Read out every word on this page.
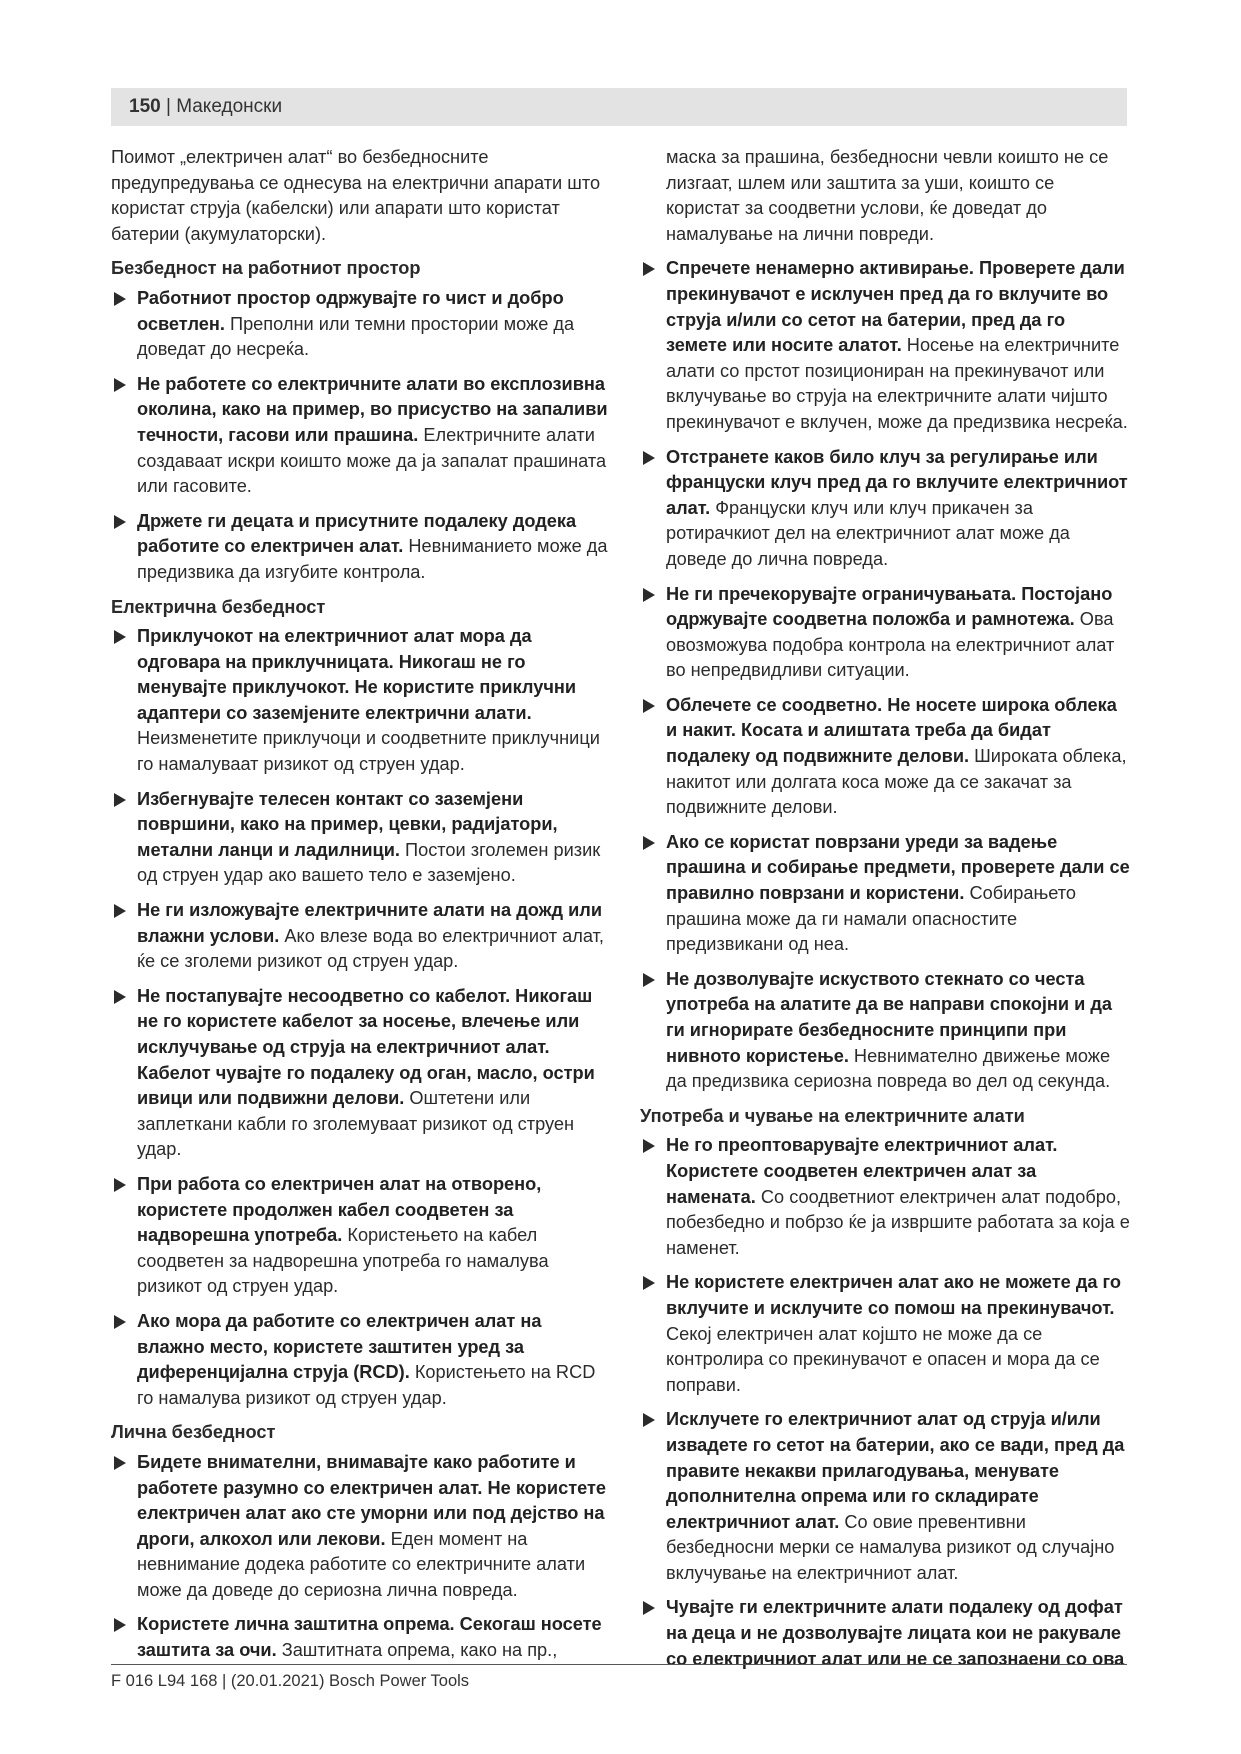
150 | Македонски

Поимот „електричен алат“ во безбедносните предупредувања се однесува на електрични апарати што користат струја (кабелски) или апарати што користат батерии (акумулаторски).

Безбедност на работниот простор
Работниот простор одржувајте го чист и добро осветлен. Преполни или темни простории може да доведат до несреќа.
Не работете со електричните алати во експлозивна околина, како на пример, во присуство на запаливи течности, гасови или прашина. Електричните алати создаваат искри коишто може да ја запалат прашината или гасовите.
Држете ги децата и присутните подалеку додека работите со електричен алат. Невниманието може да предизвика да изгубите контрола.
Електрична безбедност
Приклучокот на електричниот алат мора да одговара на приклучницата. Никогаш не го менувајте приклучокот. Не користите приклучни адаптери со заземјените електрични алати. Неизменетите приклучоци и соодветните приклучници го намалуваат ризикот од струен удар.
Избегнувајте телесен контакт со заземјени површини, како на пример, цевки, радијатори, метални ланци и ладилници. Постои зголемен ризик од струен удар ако вашето тело е заземјено.
Не ги изложувајте електричните алати на дожд или влажни услови. Ако влезе вода во електричниот алат, ќе се зголеми ризикот од струен удар.
Не постапувајте несоодветно со кабелот. Никогаш не го користете кабелот за носење, влечење или исклучување од струја на електричниот алат. Кабелот чувајте го подалеку од оган, масло, остри ивици или подвижни делови. Оштетени или заплеткани кабли го зголемуваат ризикот од струен удар.
При работа со електричен алат на отворено, користете продолжен кабел соодветен за надворешна употреба. Користењето на кабел соодветен за надворешна употреба го намалува ризикот од струен удар.
Ако мора да работите со електричен алат на влажно место, користете заштитен уред за диференцијална струја (RCD). Користењето на RCD го намалува ризикот од струен удар.
Лична безбедност
Бидете внимателни, внимавајте како работите и работете разумно со електричен алат. Не користете електричен алат ако сте уморни или под дејство на дроги, алкохол или лекови. Еден момент на невнимание додека работите со електричните алати може да доведе до сериозна лична повреда.
Користете лична заштитна опрема. Секогаш носете заштита за очи. Заштитната опрема, како на пр.,

маска за прашина, безбедносни чевли коишто не се лизгаат, шлем или заштита за уши, коишто се користат за соодветни услови, ќе доведат до намалување на лични повреди.

Спречете ненамерно активирање. Проверете дали прекинувачот е исклучен пред да го вклучите во струја и/или со сетот на батерии, пред да го земете или носите алатот. Носење на електричните алати со прстот позициониран на прекинувачот или вклучување во струја на електричните алати чијшто прекинувачот е вклучен, може да предизвика несреќа.
Отстранете каков било клуч за регулирање или француски клуч пред да го вклучите електричниот алат. Француски клуч или клуч прикачен за ротирачкиот дел на електричниот алат може да доведе до лична повреда.
Не ги пречекорувајте ограничувањата. Постојано одржувајте соодветна положба и рамнотежа. Ова овозможува подобра контрола на електричниот алат во непредвидливи ситуации.
Облечете се соодветно. Не носете широка облека и накит. Косата и алиштата треба да бидат подалеку од подвижните делови. Широката облека, накитот или долгата коса може да се закачат за подвижните делови.
Ако се користат поврзани уреди за вадење прашина и собирање предмети, проверете дали се правилно поврзани и користени. Собирањето прашина може да ги намали опасностите предизвикани од неа.
Не дозволувајте искуството стекнато со честа употреба на алатите да ве направи спокојни и да ги игнорирате безбедносните принципи при нивното користење. Невнимателно движење може да предизвика сериозна повреда во дел од секунда.
Употреба и чување на електричните алати
Не го преоптоварувајте електричниот алат. Користете соодветен електричен алат за намената. Со соодветниот електричен алат подобро, побезбедно и побрзо ќе ја извршите работата за која е наменет.
Не користете електричен алат ако не можете да го вклучите и исклучите со помош на прекинувачот. Секој електричен алат којшто не може да се контролира со прекинувачот е опасен и мора да се поправи.
Исклучете го електричниот алат од струја и/или извадете го сетот на батерии, ако се вади, пред да правите некакви прилагодувања, менувате дополнителна опрема или го складирате електричниот алат. Со овие превентивни безбедносни мерки се намалува ризикот од случајно вклучување на електричниот алат.
Чувајте ги електричните алати подалеку од дофат на деца и не дозволувајте лицата кои не ракувале со електричниот алат или не се запознаени со ова
F 016 L94 168 | (20.01.2021) Bosch Power Tools
